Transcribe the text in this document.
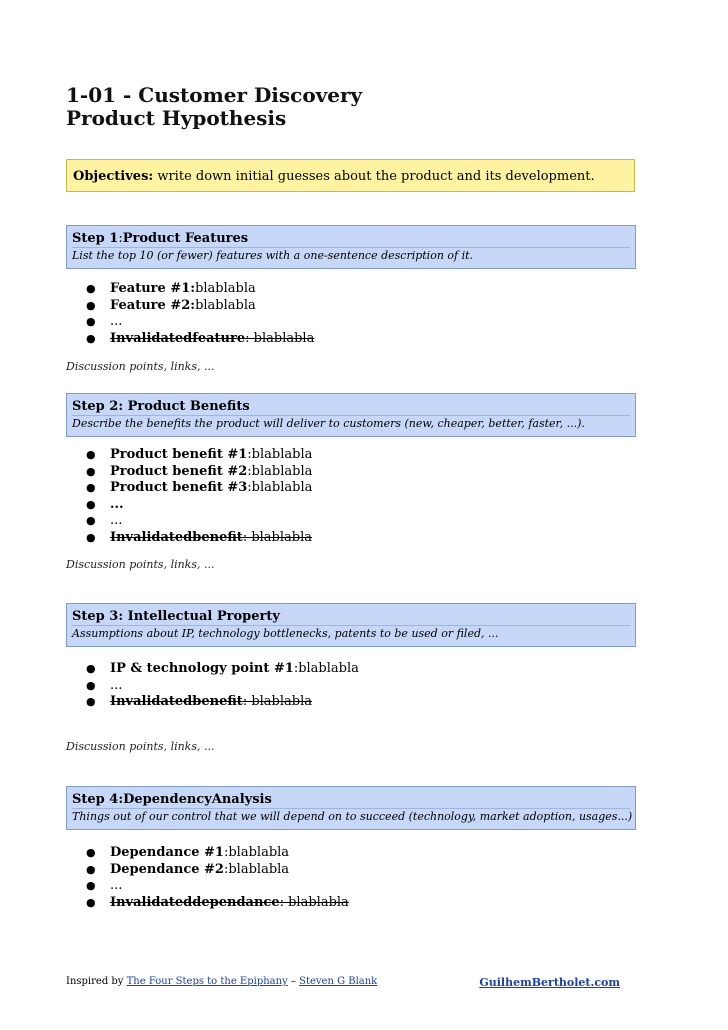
1-01 - Customer Discovery
Product Hypothesis
Objectives: write down initial guesses about the product and its development.
Step 1:Product Features
List the top 10 (or fewer) features with a one-sentence description of it.
● Feature #1:blablabla
● Feature #2:blablabla
● ...
● Invalidatedfeature: blablabla
Discussion points, links, ...
Step 2: Product Benefits
Describe the benefits the product will deliver to customers (new, cheaper, better, faster, ...).
● Product benefit #1:blablabla
● Product benefit #2:blablabla
● Product benefit #3:blablabla
● ...
● ...
● Invalidatedbenefit: blablabla
Discussion points, links, ...
Step 3: Intellectual Property
Assumptions about IP, technology bottlenecks, patents to be used or filed, ...
● IP & technology point #1:blablabla
● ...
● Invalidatedbenefit: blablabla
Discussion points, links, ...
Step 4:DependencyAnalysis
Things out of our control that we will depend on to succeed (technology, market adoption, usages...)
● Dependance #1:blablabla
● Dependance #2:blablabla
● ...
● Invalidateddependance: blablabla
Inspired by The Four Steps to the Epiphany – Steven G Blank	GuilhemBertholet.com
